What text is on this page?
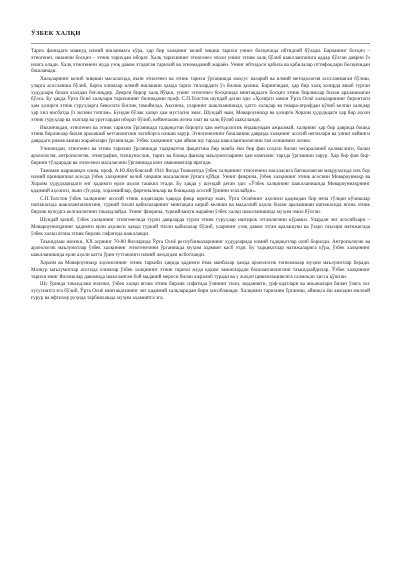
ЎЗБЕК ХАЛҚИ

Тарих фанидаги мавжуд илмий ишланмага кўра, ҳар бир халқнинг келиб чиқиш тарихи унинг босқичида ибтидоий бўлади. Барчанинг босқич – этногенез, иккинчи босқич – этник тарихдан иборат. Халқ тарихининг этногенез эпохи унинг этник халқ бўлиб шаклланганига қадар бўлган даврни ўз ичига олади. Халқ этногенези жуда узоқ давом этадиган тарихий ва этномаданий жараён. Унинг ибтидоси қабила ва қабилалар иттифоқлари босқичидан бошланади.

Халқларнинг келиб чиқиши масаласида, яъни этногенез ва этник тарихи ўрганишда маҳсус назарий ва илмий методология асосланмаган бўлиш, уларга асосланиш бўлиб, барча олимлар илмий ишлашни ҳамда тарих тиллардаги ўз билиш қилиш. Биринчидан, ҳар бир халқ хозирда яшаб турган худудлари билан азалдан боғлиқдир. Деярли бирор халқ йўқки, унинг этногенез босқичида минтақадаги босқич этник бирликлар билан аралашмаган бўлса. Бу ҳақда Ўрта Осиё халқлари тарихининг билимдони проф. С.П.Толстов шундай деган эди: «Ҳозирги замон Ўрта Осиё халқларининг биронтаси ҳам ҳозирги этник гуруҳларга бевосита боғлиқ тамойилда. Аксинча, уларнинг шаклланишида, ҳатто халқлар ва тевара-атрофдан кўчиб келган халқлар ҳар хил нисбатда ўз эксини топган». Бундан бўлак халқи ҳам мустасно эмас. Шундай экан, Мовароуннаҳр ва ҳозирги Хоразм ҳудудидаги ҳар бир аҳоли этник гуруҳлар ва элатлар ва уруғлардан иборат бўлиб, кейинчалик ягона элат ва халқ бўлиб шаклланди.

Иккинчидан, этногенез ва этник тарихни ўрганишда тадқиқотчи бирорта ҳам методологик ёндашувдан ажралмай, халқнинг ҳар бир даврида бошқа этник бирликлар билан аралашиб кетганлигини эътиборга олиши зарур. Этногенезнинг бошланиш даврида халқнинг асосий негизлари ва унинг кейинги даврдаги ривожланиш жараёнлари ўрганилади. Узбек халқининг ҳам айнан шу тарзда шаклланганлигини тан олишимиз лозим.

Учинчидан, этногенез ва этник тарихни ўрганишда тадқиқотчи фақатгина бир манба ёки бир фан соҳаси билан чегараланиб қолмаслиги, балки археология, антропология, этнография, тилшунослик, тарих ва бошқа фанлар маълумотларини ҳам комплекс тарзда ўрганиши зарур. Ҳар бир фан бир-бирини тўлдиради ва этногенез масаласини ўрганишда кенг имкониятлар яратади.

Тамоман шаршанқоз олим, проф. А.Ю.Якубовский 1941 йилда Тошкентда ўзбек халқининг этногенези масаласига бағишланган маърузасида илк бор илмий принципиал асосда ўзбек халқининг келиб чиқиши масаласини ўртага қўйди. Унинг фикрича, ўзбек халқининг этник асосини Мовароуннаҳр ва Хоразм ҳудудларидаги энг қадимги ерли аҳоли ташкил этади. Бу ҳақда у шундай деган эди: «Ўзбек халқининг шаклланишида Мовароуннаҳрнинг қадимий аҳолиси, яъни сўғдлар, хоразмийлар, фарғоналиклар ва бошқалар асосий ўринни эгаллайди».

С.П.Толстов ўзбек халқининг асосий этник илдизлари ҳақида фикр юритар экан, Ўрта Осиёнинг аҳолиси қадимдан бир неча тўлқин кўчишлар натижасида шаклланганлигини, туркий тилли қабилаларнинг минтақага кириб келиши ва маҳаллий аҳоли билан аралашиши натижасида ягона этник бирлик вужудга келганлигини таъкидлайди. Унинг фикрича, туркийлашув жараёни ўзбек халқи шаклланишида муҳим омил бўлган.

Шундай қилиб, ўзбек халқининг этногенезида турли даврларда турли этник гуруҳлар иштирок этганлигини кўрамиз. Улардан энг асосийлари – Мовароуннаҳрнинг қадимги ерли аҳолиси ҳамда туркий тилли қабилалар бўлиб, уларнинг узоқ давом этган аралашуви ва ўзаро таъсири натижасида ўзбек халқи ягона этник бирлик сифатида шаклланди.

Таъкидлаш жоизки, XX асрнинг 70-80 йилларида Ўрта Осиё республикаларининг худудларида илмий тадқиқотлар олиб борилди. Антропологик ва археологик маълумотлар ўзбек халқининг этногенезини ўрганишда муҳим аҳамият касб этди. Бу тадқиқотлар натижаларига кўра, ўзбек халқининг шаклланишида ерли аҳоли катта ўрин тутганлиги илмий жиҳатдан исботланди.

Хоразм ва Мовароуннаҳр аҳолисининг этник таркиби ҳақида қадимги ёзма манбалар ҳамда археологик топилмалар муҳим маълумотлар беради. Мазкур маълумотлар асосида олимлар ўзбек халқининг этник тарихи жуда қадим замонлардан бошланганлигини таъкидлайдилар. Ўзбек халқининг тарихи минг йилликлар давомида шаклланган бой маданий мероси билан ажралиб туради ва у жаҳон цивилизациясига салмоқли ҳисса қўшган.

Шу ўринда таъкидлаш жоизки, ўзбек халқи ягона этник бирлик сифатида ўзининг тили, маданияти, урф-одатлари ва анъаналари билан ўзига хос хусусиятга эга бўлиб, Ўрта Осиё минтақасининг энг қадимий халқларидан бири ҳисобланади. Халқимиз тарихини ўрганиш, айниқса ёш авлодни миллий ғурур ва ифтихор руҳида тарбиялашда муҳим аҳамиятга эга.
